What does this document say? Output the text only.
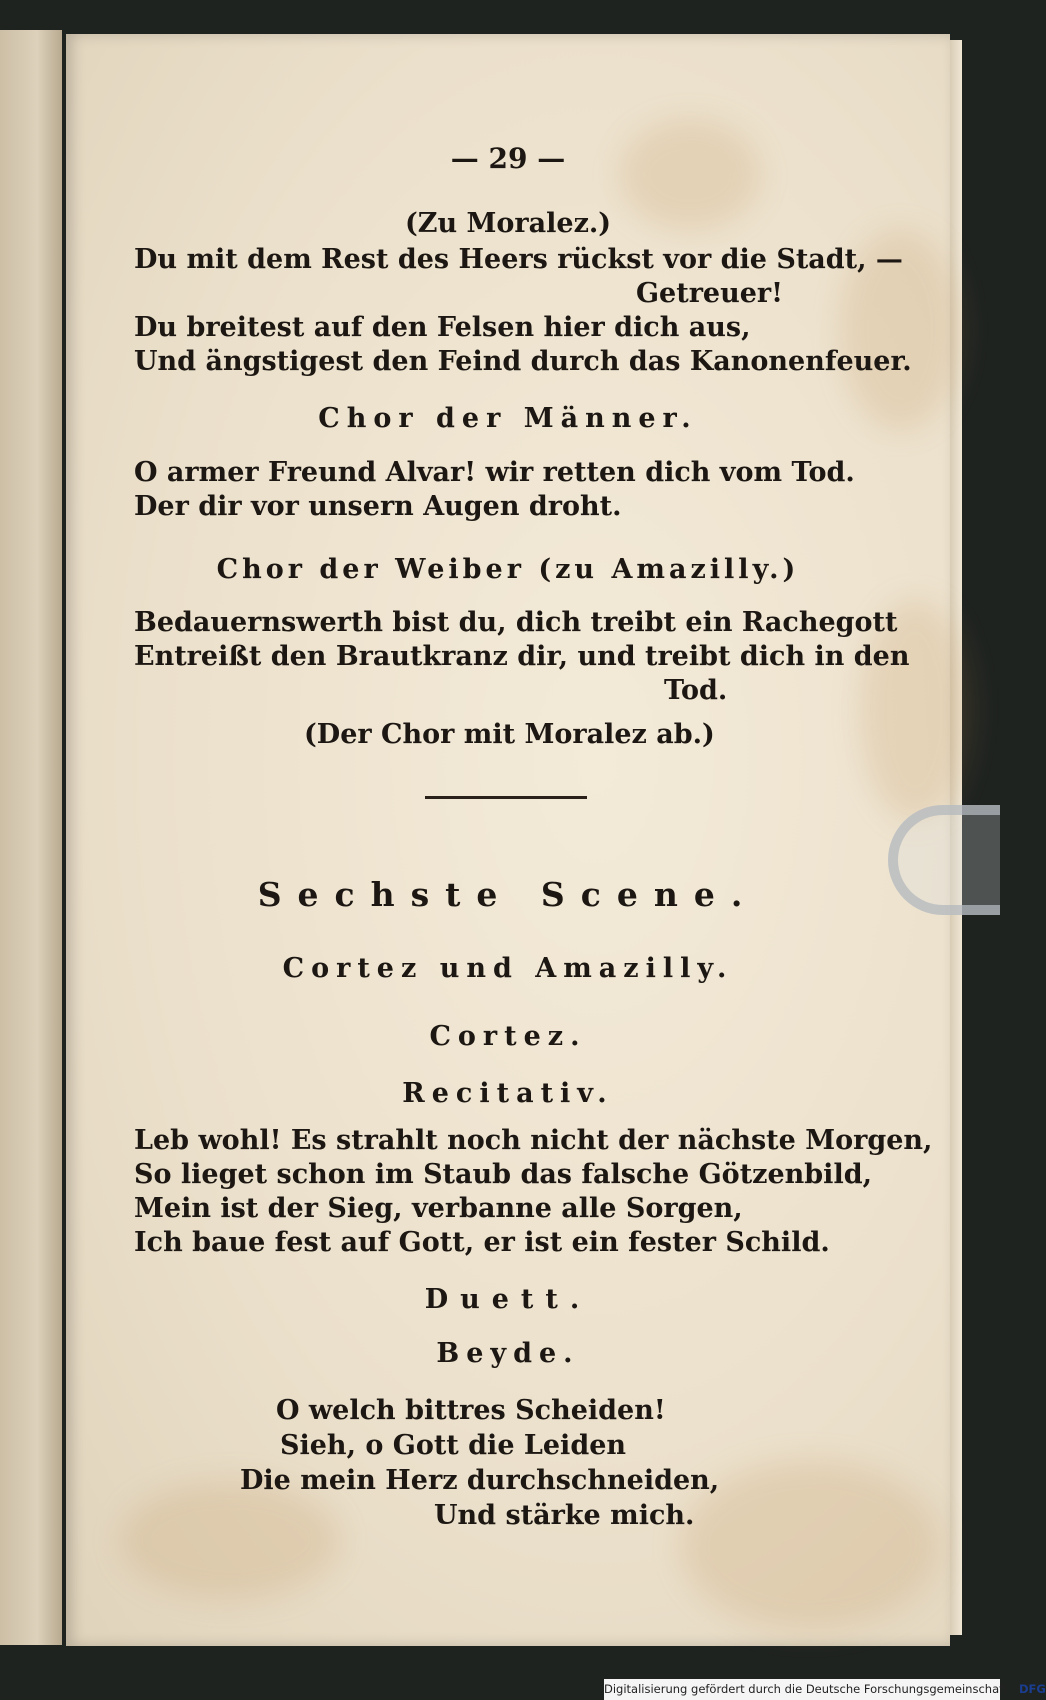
— 29 —

(Zu Moralez.)

Du mit dem Rest des Heers rückst vor die Stadt, —

Getreuer!

Du breitest auf den Felsen hier dich aus,

Und ängstigest den Feind durch das Kanonenfeuer.

Chor der Männer.

O armer Freund Alvar! wir retten dich vom Tod.

Der dir vor unsern Augen droht.

Chor der Weiber (zu Amazilly.)

Bedauernswerth bist du, dich treibt ein Rachegott

Entreißt den Brautkranz dir, und treibt dich in den

Tod.

(Der Chor mit Moralez ab.)

Sechste Scene.

Cortez und Amazilly.

Cortez.

Recitativ.

Leb wohl! Es strahlt noch nicht der nächste Morgen,

So lieget schon im Staub das falsche Götzenbild,

Mein ist der Sieg, verbanne alle Sorgen,

Ich baue fest auf Gott, er ist ein fester Schild.

Duett.

Beyde.

O welch bittres Scheiden!

Sieh, o Gott die Leiden

Die mein Herz durchschneiden,

Und stärke mich.

Digitalisierung gefördert durch die Deutsche Forschungsgemeinschaft - DFG
